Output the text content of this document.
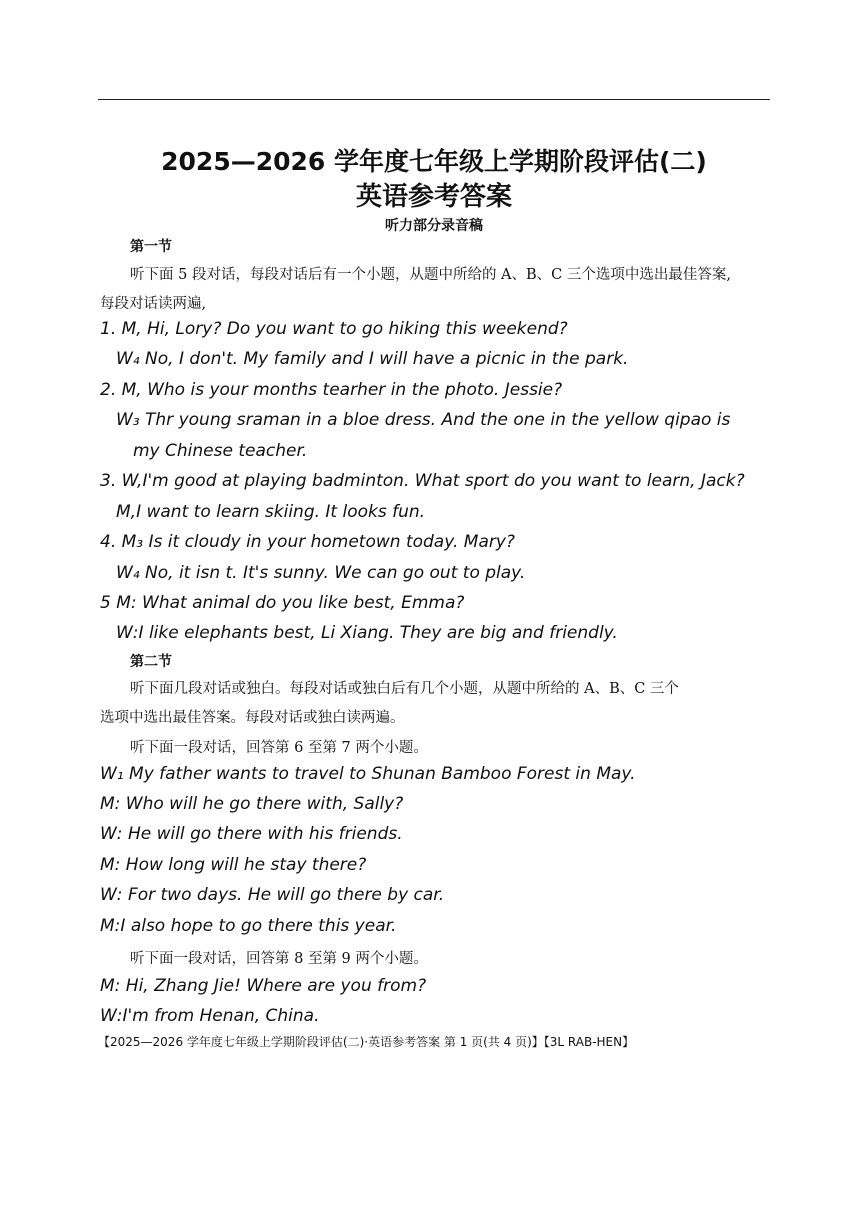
2025—2026 学年度七年级上学期阶段评估(二)
英语参考答案
听力部分录音稿
第一节
听下面 5 段对话，每段对话后有一个小题，从题中所给的 A、B、C 三个选项中选出最佳答案,
每段对话读两遍,
1. M, Hi, Lory? Do you want to go hiking this weekend?
W₄ No, I don't. My family and I will have a picnic in the park.
2. M, Who is your months tearher in the photo. Jessie?
W₃ Thr young sraman in a bloe dress. And the one in the yellow qipao is
my Chinese teacher.
3. W,I'm good at playing badminton. What sport do you want to learn, Jack?
M,I want to learn skiing. It looks fun.
4. M₃ Is it cloudy in your hometown today. Mary?
W₄ No, it isn t. It's sunny. We can go out to play.
5 M: What animal do you like best, Emma?
W:I like elephants best, Li Xiang. They are big and friendly.
第二节
听下面几段对话或独白。每段对话或独白后有几个小题，从题中所给的 A、B、C 三个
选项中选出最佳答案。每段对话或独白读两遍。
听下面一段对话，回答第 6 至第 7 两个小题。
W₁ My father wants to travel to Shunan Bamboo Forest in May.
M: Who will he go there with, Sally?
W: He will go there with his friends.
M: How long will he stay there?
W: For two days. He will go there by car.
M:I also hope to go there this year.
听下面一段对话，回答第 8 至第 9 两个小题。
M: Hi, Zhang Jie! Where are you from?
W:I'm from Henan, China.
【2025—2026 学年度七年级上学期阶段评估(二)·英语参考答案 第 1 页(共 4 页)】【3L RAB-HEN】
